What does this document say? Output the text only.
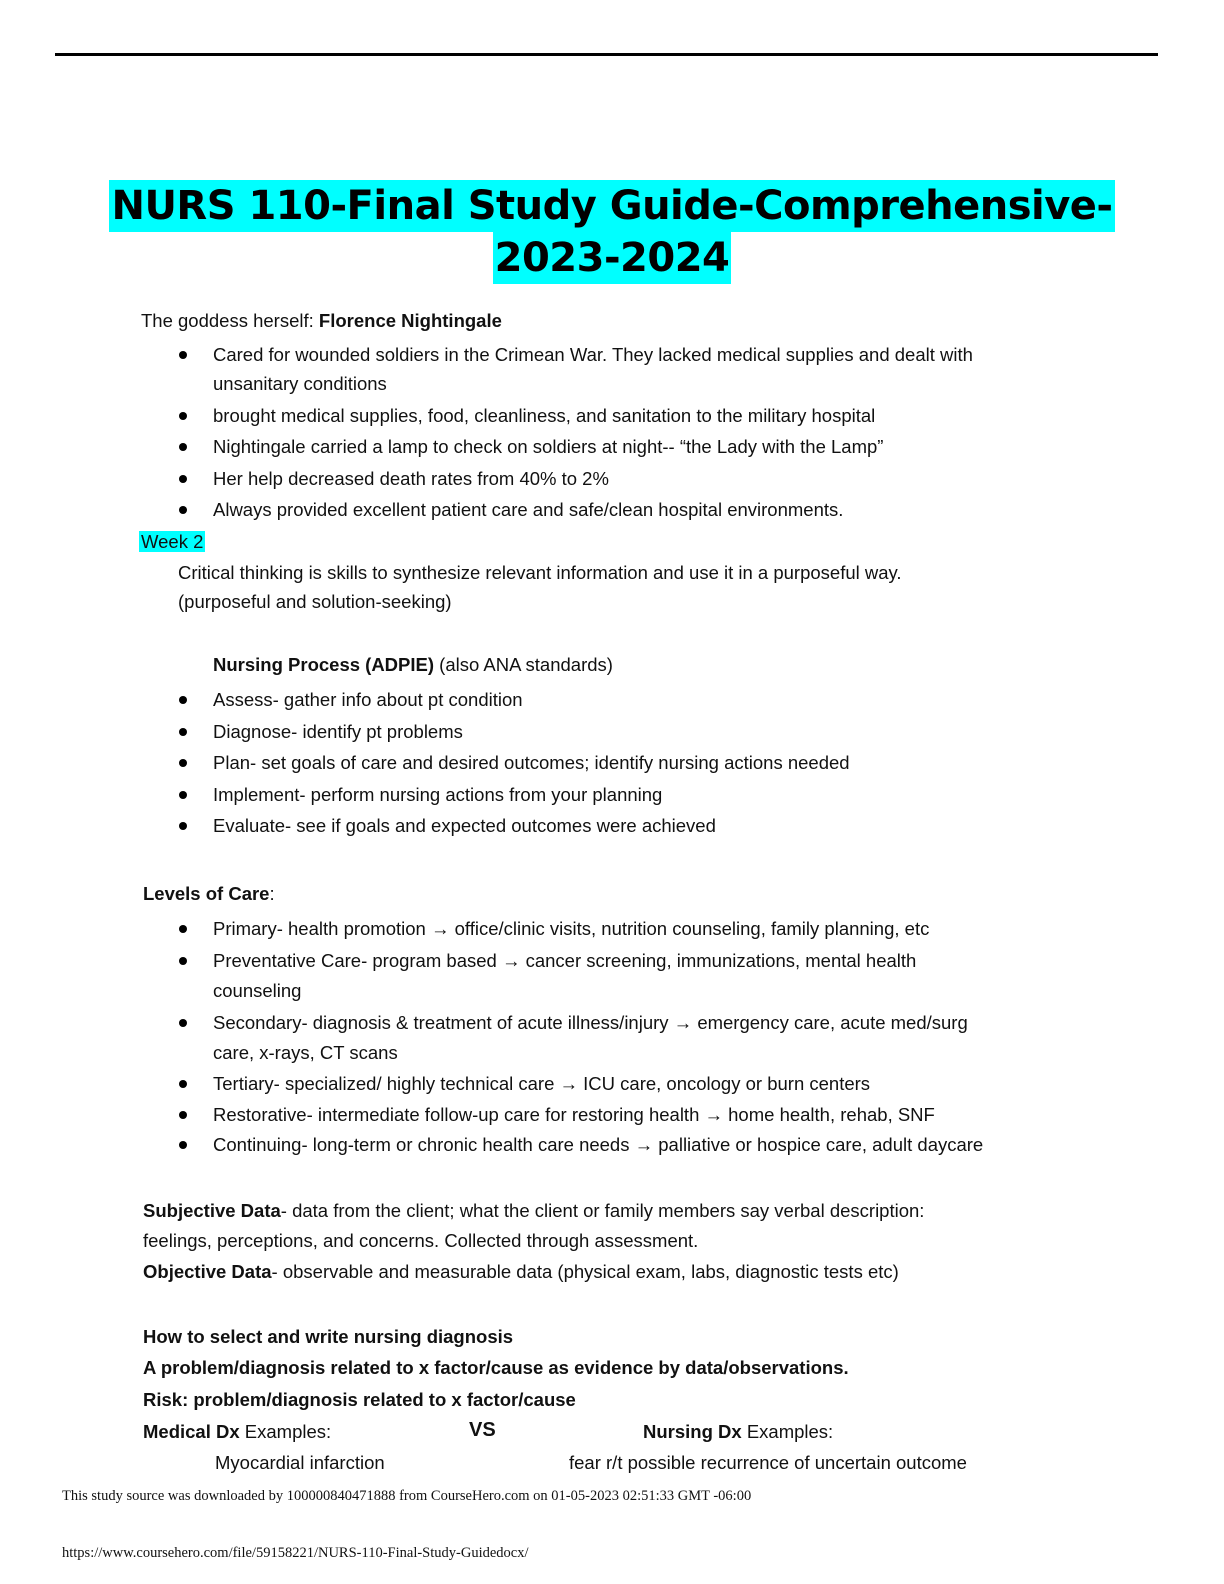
NURS 110-Final Study Guide-Comprehensive-
2023-2024
The goddess herself: Florence Nightingale
Cared for wounded soldiers in the Crimean War. They lacked medical supplies and dealt with
unsanitary conditions
brought medical supplies, food, cleanliness, and sanitation to the military hospital
Nightingale carried a lamp to check on soldiers at night-- “the Lady with the Lamp”
Her help decreased death rates from 40% to 2%
Always provided excellent patient care and safe/clean hospital environments.
Week 2
Critical thinking is skills to synthesize relevant information and use it in a purposeful way.
(purposeful and solution-seeking)
Nursing Process (ADPIE) (also ANA standards)
Assess- gather info about pt condition
Diagnose- identify pt problems
Plan- set goals of care and desired outcomes; identify nursing actions needed
Implement- perform nursing actions from your planning
Evaluate- see if goals and expected outcomes were achieved
Levels of Care:
Primary- health promotion → office/clinic visits, nutrition counseling, family planning, etc
Preventative Care- program based → cancer screening, immunizations, mental health
counseling
Secondary- diagnosis & treatment of acute illness/injury → emergency care, acute med/surg
care, x-rays, CT scans
Tertiary- specialized/ highly technical care → ICU care, oncology or burn centers
Restorative- intermediate follow-up care for restoring health → home health, rehab, SNF
Continuing- long-term or chronic health care needs → palliative or hospice care, adult daycare
Subjective Data- data from the client; what the client or family members say verbal description:
feelings, perceptions, and concerns. Collected through assessment.
Objective Data- observable and measurable data (physical exam, labs, diagnostic tests etc)
How to select and write nursing diagnosis
A problem/diagnosis related to x factor/cause as evidence by data/observations.
Risk: problem/diagnosis related to x factor/cause
Medical Dx Examples:	VS	Nursing Dx Examples:
Myocardial infarction	fear r/t possible recurrence of uncertain outcome
This study source was downloaded by 100000840471888 from CourseHero.com on 01-05-2023 02:51:33 GMT -06:00
https://www.coursehero.com/file/59158221/NURS-110-Final-Study-Guidedocx/
